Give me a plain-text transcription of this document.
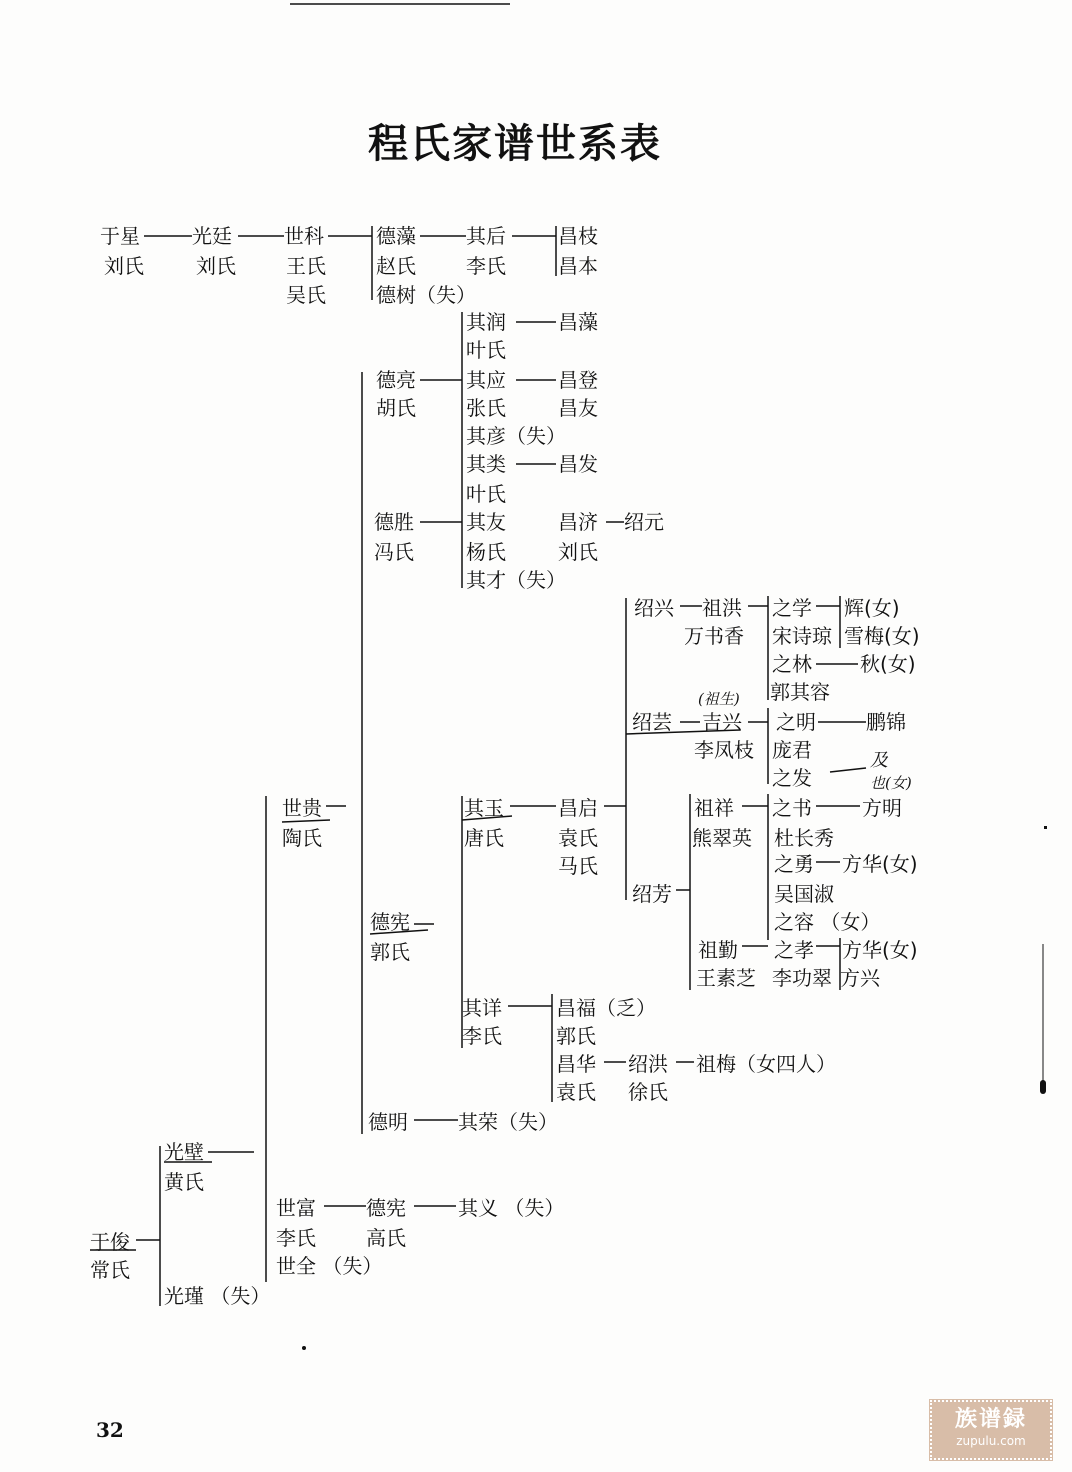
程氏家谱世系表
于星
刘氏
光廷
刘氏
世科
王氏
吴氏
德藻
赵氏
德树（失）
其后
李氏
昌枝
昌本
其润
叶氏
昌藻
德亮
胡氏
其应
张氏
昌登
昌友
其彦（失）
其类
叶氏
昌发
德胜
冯氏
其友
杨氏
昌济
刘氏
绍元
其才（失）
绍兴 祖洪
万书香
之学
宋诗琼
辉(女)
雪梅(女)
之林
郭其容
秋(女)
(祖生)
绍芸 吉兴
李凤枝
之明
庞君
鹏锦
之发
及
也(女)
世贵
陶氏
其玉
唐氏
昌启
袁氏
马氏
祖祥
熊翠英
之书
杜长秀
方明
之勇
吴国淑
方华(女)
之容 （女）
绍芳
德宪
郭氏	祖勤
王素芝
之孝
李功翠
方华(女)
方兴
其详
李氏
昌福（乏）
郭氏
昌华
袁氏
绍洪
徐氏
祖梅（女四人）
德明	其荣（失）
光壁
黄氏
世富
李氏
德宪
高氏
其义 （失）
世全 （失）
于俊
常氏
光瑾 （失）
32	族谱録
zupulu.com
